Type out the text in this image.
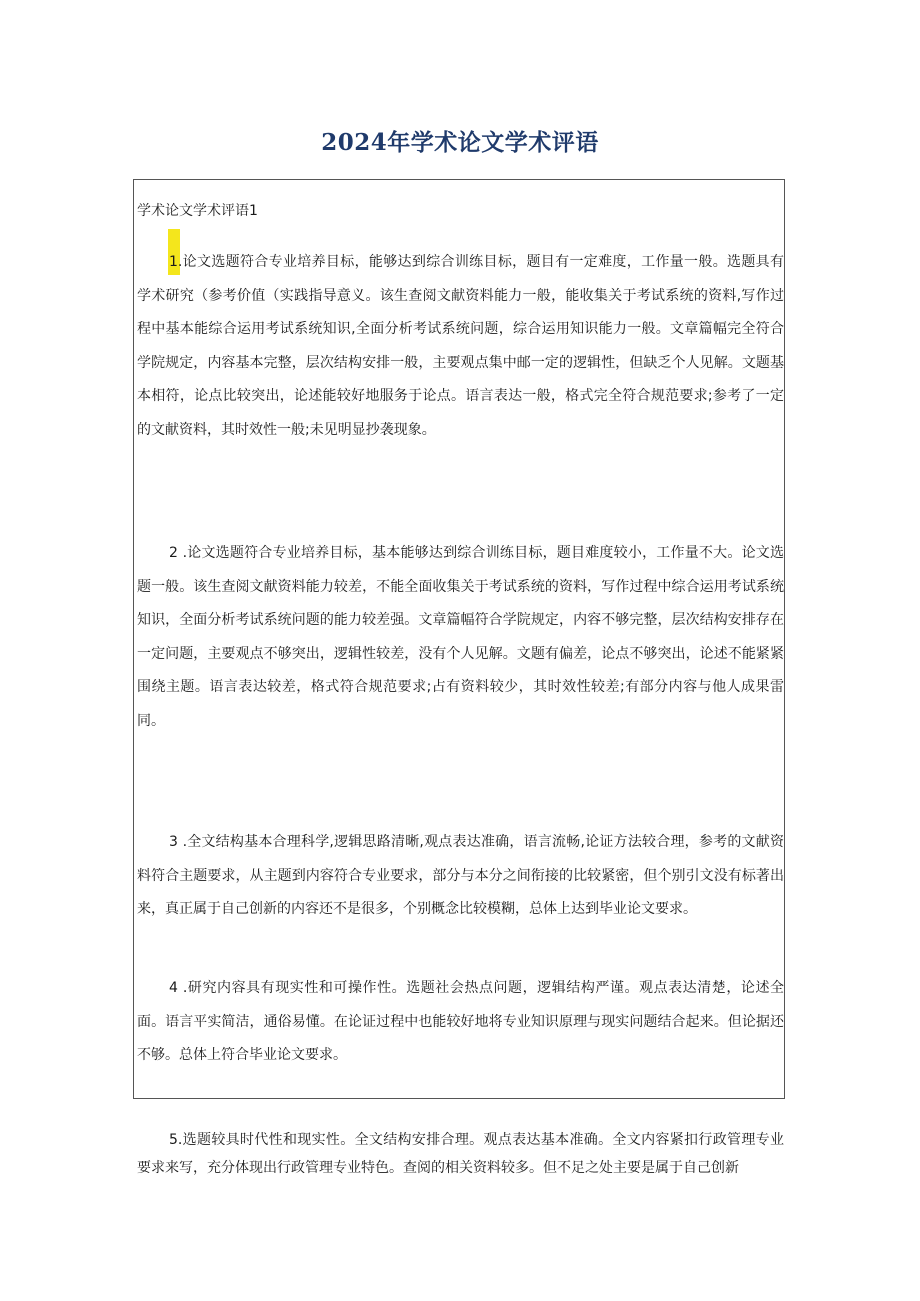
2024年学术论文学术评语

学术论文学术评语1

1.论文选题符合专业培养目标，能够达到综合训练目标，题目有一定难度，工作量一般。选题具有学术研究（参考价值（实践指导意义。该生查阅文献资料能力一般，能收集关于考试系统的资料,写作过程中基本能综合运用考试系统知识,全面分析考试系统问题，综合运用知识能力一般。文章篇幅完全符合学院规定，内容基本完整，层次结构安排一般，主要观点集中邮一定的逻辑性，但缺乏个人见解。文题基本相符，论点比较突出，论述能较好地服务于论点。语言表达一般，格式完全符合规范要求;参考了一定的文献资料，其时效性一般;未见明显抄袭现象。

2 .论文选题符合专业培养目标，基本能够达到综合训练目标，题目难度较小，工作量不大。论文选题一般。该生查阅文献资料能力较差，不能全面收集关于考试系统的资料，写作过程中综合运用考试系统知识，全面分析考试系统问题的能力较差强。文章篇幅符合学院规定，内容不够完整，层次结构安排存在一定问题，主要观点不够突出，逻辑性较差，没有个人见解。文题有偏差，论点不够突出，论述不能紧紧围绕主题。语言表达较差，格式符合规范要求;占有资料较少，其时效性较差;有部分内容与他人成果雷同。

3 .全文结构基本合理科学,逻辑思路清晰,观点表达准确，语言流畅,论证方法较合理，参考的文献资料符合主题要求，从主题到内容符合专业要求，部分与本分之间衔接的比较紧密，但个别引文没有标著出来，真正属于自己创新的内容还不是很多，个别概念比较模糊，总体上达到毕业论文要求。

4 .研究内容具有现实性和可操作性。选题社会热点问题，逻辑结构严谨。观点表达清楚，论述全面。语言平实简洁，通俗易懂。在论证过程中也能较好地将专业知识原理与现实问题结合起来。但论据还不够。总体上符合毕业论文要求。

5.选题较具时代性和现实性。全文结构安排合理。观点表达基本准确。全文内容紧扣行政管理专业要求来写，充分体现出行政管理专业特色。查阅的相关资料较多。但不足之处主要是属于自己创新
